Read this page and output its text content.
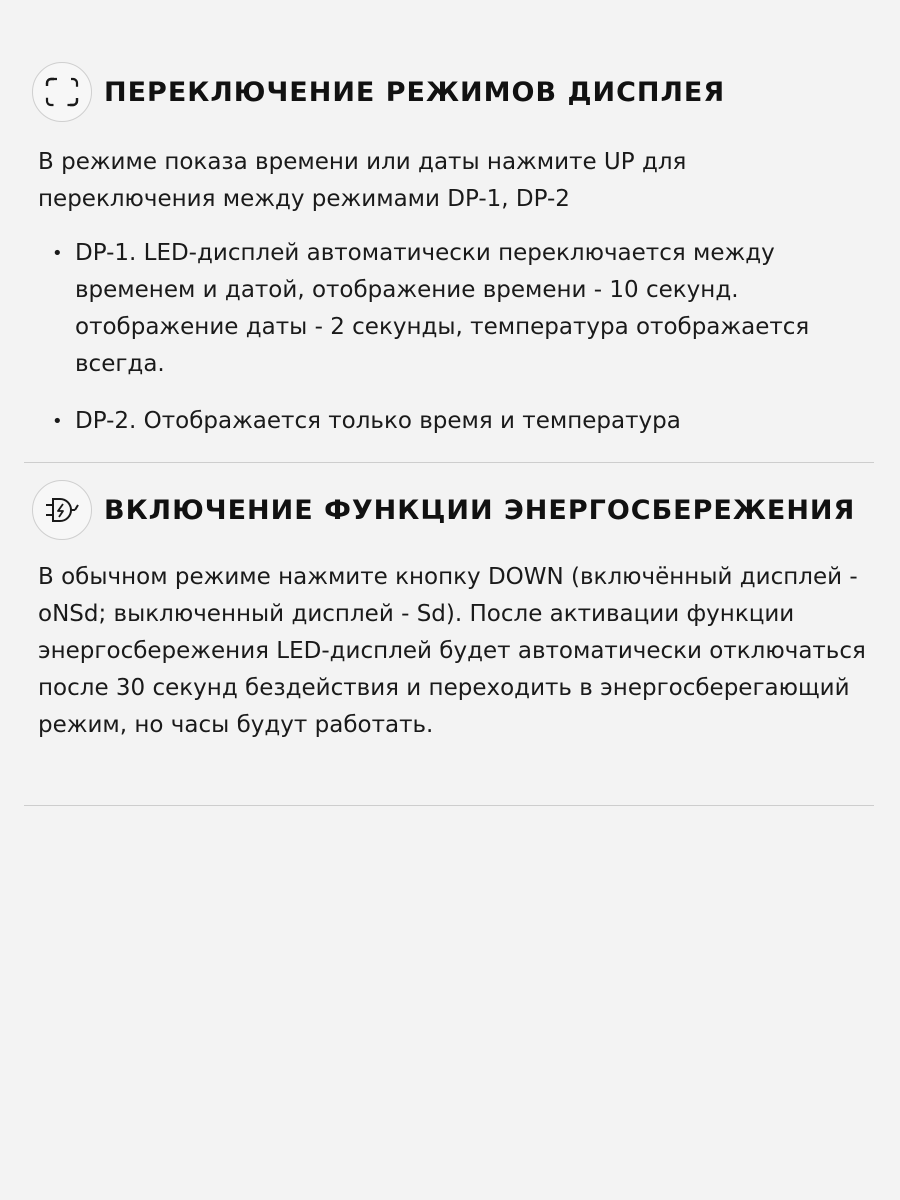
ПЕРЕКЛЮЧЕНИЕ РЕЖИМОВ ДИСПЛЕЯ

В режиме показа времени или даты нажмите UP для переключения между режимами DP-1, DP-2

• DP-1. LED-дисплей автоматически переключается между временем и датой, отображение времени - 10 секунд. отображение даты - 2 секунды, температура отображается всегда.
• DP-2. Отображается только время и температура
ВКЛЮЧЕНИЕ ФУНКЦИИ ЭНЕРГОСБЕРЕЖЕНИЯ

В обычном режиме нажмите кнопку DOWN (включённый дисплей - oNSd; выключенный дисплей - Sd). После активации функции энергосбережения LED-дисплей будет автоматически отключаться после 30 секунд бездействия и переходить в энергосберегающий режим, но часы будут работать.
